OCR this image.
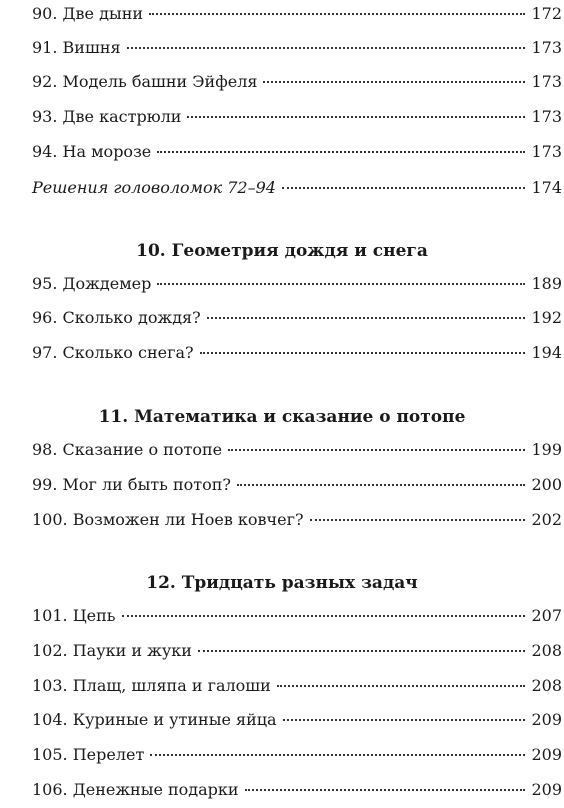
90. Две дыни	172
91. Вишня	173
92. Модель башни Эйфеля	173
93. Две кастрюли	173
94. На морозе	173
Решения головоломок 72–94	174
10. Геометрия дождя и снега
95. Дождемер	189
96. Сколько дождя?	192
97. Сколько снега?	194
11. Математика и сказание о потопе
98. Сказание о потопе	199
99. Мог ли быть потоп?	200
100. Возможен ли Ноев ковчег?	202
12. Тридцать разных задач
101. Цепь	207
102. Пауки и жуки	208
103. Плащ, шляпа и галоши	208
104. Куриные и утиные яйца	209
105. Перелет	209
106. Денежные подарки	209
